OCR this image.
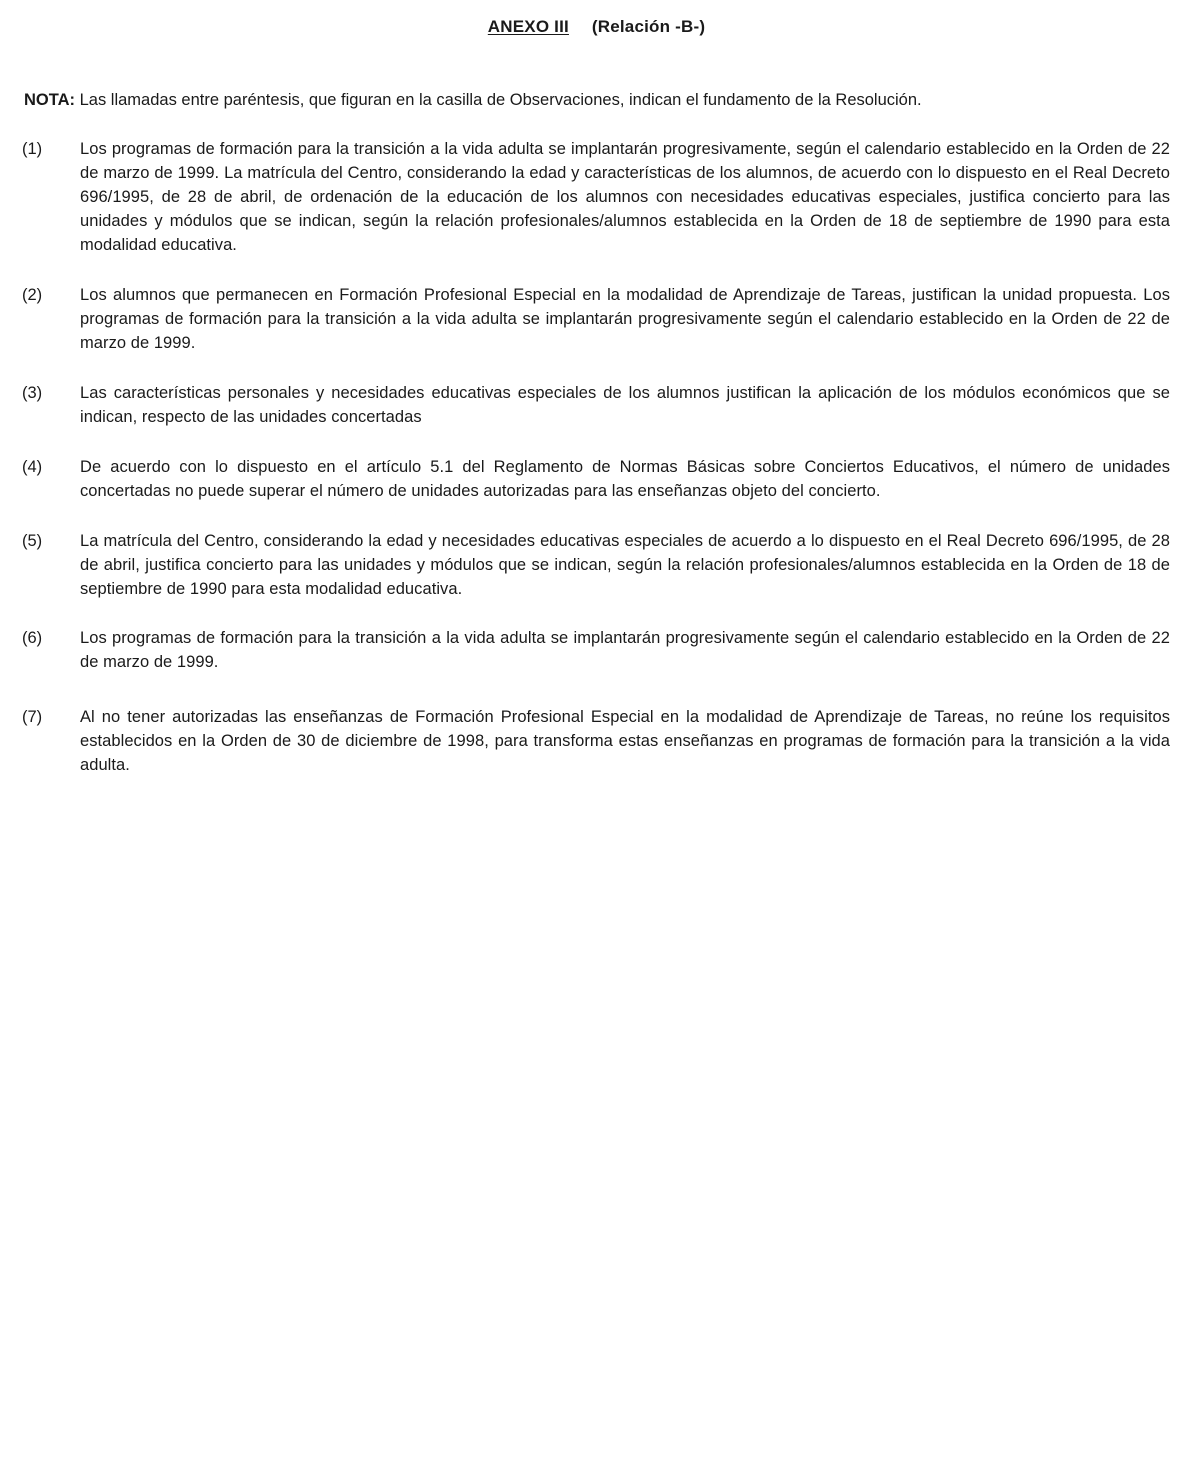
ANEXO III (Relación -B-)
NOTA: Las llamadas entre paréntesis, que figuran en la casilla de Observaciones, indican el fundamento de la Resolución.
(1)	Los programas de formación para la transición a la vida adulta se implantarán progresivamente, según el calendario establecido en la Orden de 22 de marzo de 1999. La matrícula del Centro, considerando la edad y características de los alumnos, de acuerdo con lo dispuesto en el Real Decreto 696/1995, de 28 de abril, de ordenación de la educación de los alumnos con necesidades educativas especiales, justifica concierto para las unidades y módulos que se indican, según la relación profesionales/alumnos establecida en la Orden de 18 de septiembre de 1990 para esta modalidad educativa.
(2)	Los alumnos que permanecen en Formación Profesional Especial en la modalidad de Aprendizaje de Tareas, justifican la unidad propuesta. Los programas de formación para la transición a la vida adulta se implantarán progresivamente según el calendario establecido en la Orden de 22 de marzo de 1999.
(3)	Las características personales y necesidades educativas especiales de los alumnos justifican la aplicación de los módulos económicos que se indican, respecto de las unidades concertadas
(4)	De acuerdo con lo dispuesto en el artículo 5.1 del Reglamento de Normas Básicas sobre Conciertos Educativos, el número de unidades concertadas no puede superar el número de unidades autorizadas para las enseñanzas objeto del concierto.
(5)	La matrícula del Centro, considerando la edad y necesidades educativas especiales de acuerdo a lo dispuesto en el Real Decreto 696/1995, de 28 de abril, justifica concierto para las unidades y módulos que se indican, según la relación profesionales/alumnos establecida en la Orden de 18 de septiembre de 1990 para esta modalidad educativa.
(6)	Los programas de formación para la transición a la vida adulta se implantarán progresivamente según el calendario establecido en la Orden de 22 de marzo de 1999.
(7)	Al no tener autorizadas las enseñanzas de Formación Profesional Especial en la modalidad de Aprendizaje de Tareas, no reúne los requisitos establecidos en la Orden de 30 de diciembre de 1998, para transforma estas enseñanzas en programas de formación para la transición a la vida adulta.
